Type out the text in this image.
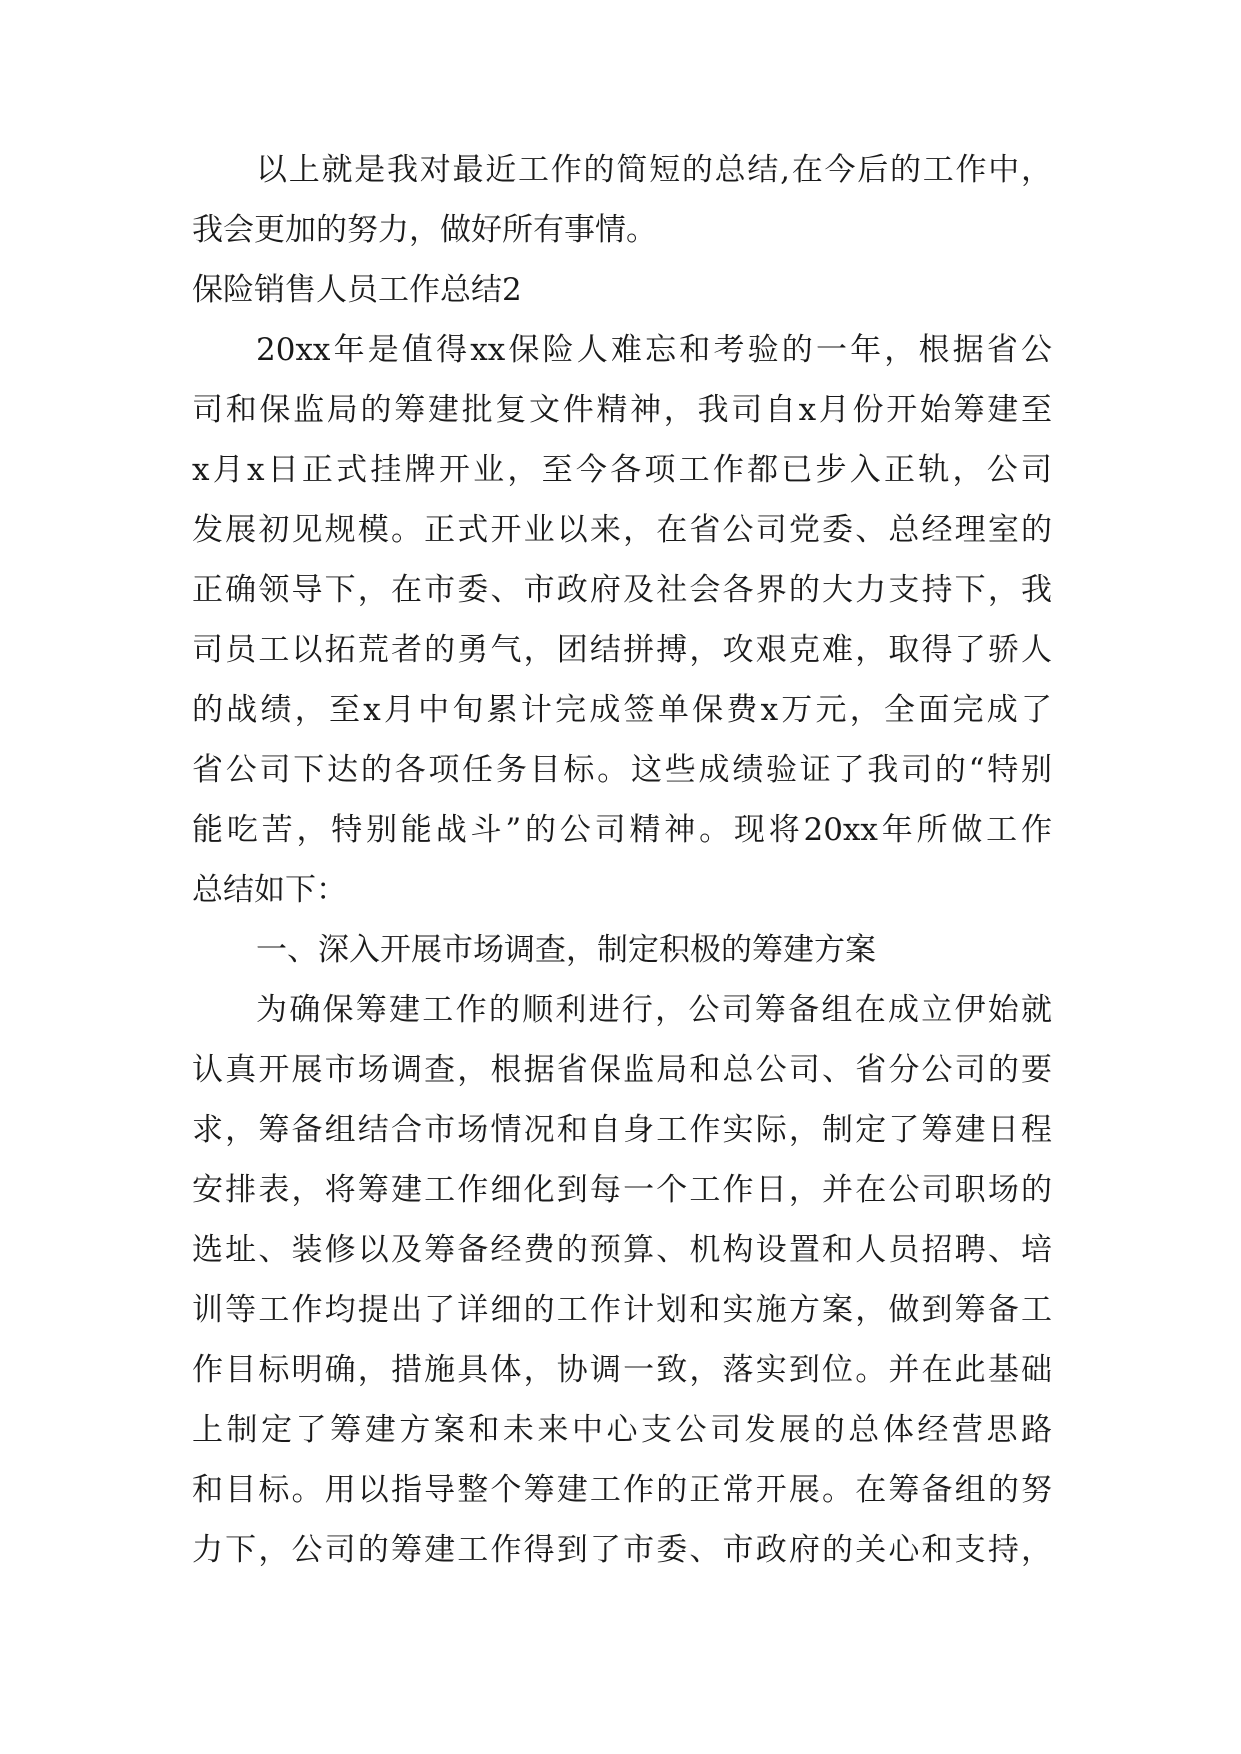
以上就是我对最近工作的简短的总结,在今后的工作中，
我会更加的努力，做好所有事情。
保险销售人员工作总结2
20xx年是值得xx保险人难忘和考验的一年，根据省公
司和保监局的筹建批复文件精神，我司自x月份开始筹建至
x月x日正式挂牌开业，至今各项工作都已步入正轨，公司
发展初见规模。正式开业以来，在省公司党委、总经理室的
正确领导下，在市委、市政府及社会各界的大力支持下，我
司员工以拓荒者的勇气，团结拼搏，攻艰克难，取得了骄人
的战绩，至x月中旬累计完成签单保费x万元，全面完成了
省公司下达的各项任务目标。这些成绩验证了我司的“特别
能吃苦，特别能战斗”的公司精神。现将20xx年所做工作
总结如下：
一、深入开展市场调查，制定积极的筹建方案
为确保筹建工作的顺利进行，公司筹备组在成立伊始就
认真开展市场调查，根据省保监局和总公司、省分公司的要
求，筹备组结合市场情况和自身工作实际，制定了筹建日程
安排表，将筹建工作细化到每一个工作日，并在公司职场的
选址、装修以及筹备经费的预算、机构设置和人员招聘、培
训等工作均提出了详细的工作计划和实施方案，做到筹备工
作目标明确，措施具体，协调一致，落实到位。并在此基础
上制定了筹建方案和未来中心支公司发展的总体经营思路
和目标。用以指导整个筹建工作的正常开展。在筹备组的努
力下，公司的筹建工作得到了市委、市政府的关心和支持，
